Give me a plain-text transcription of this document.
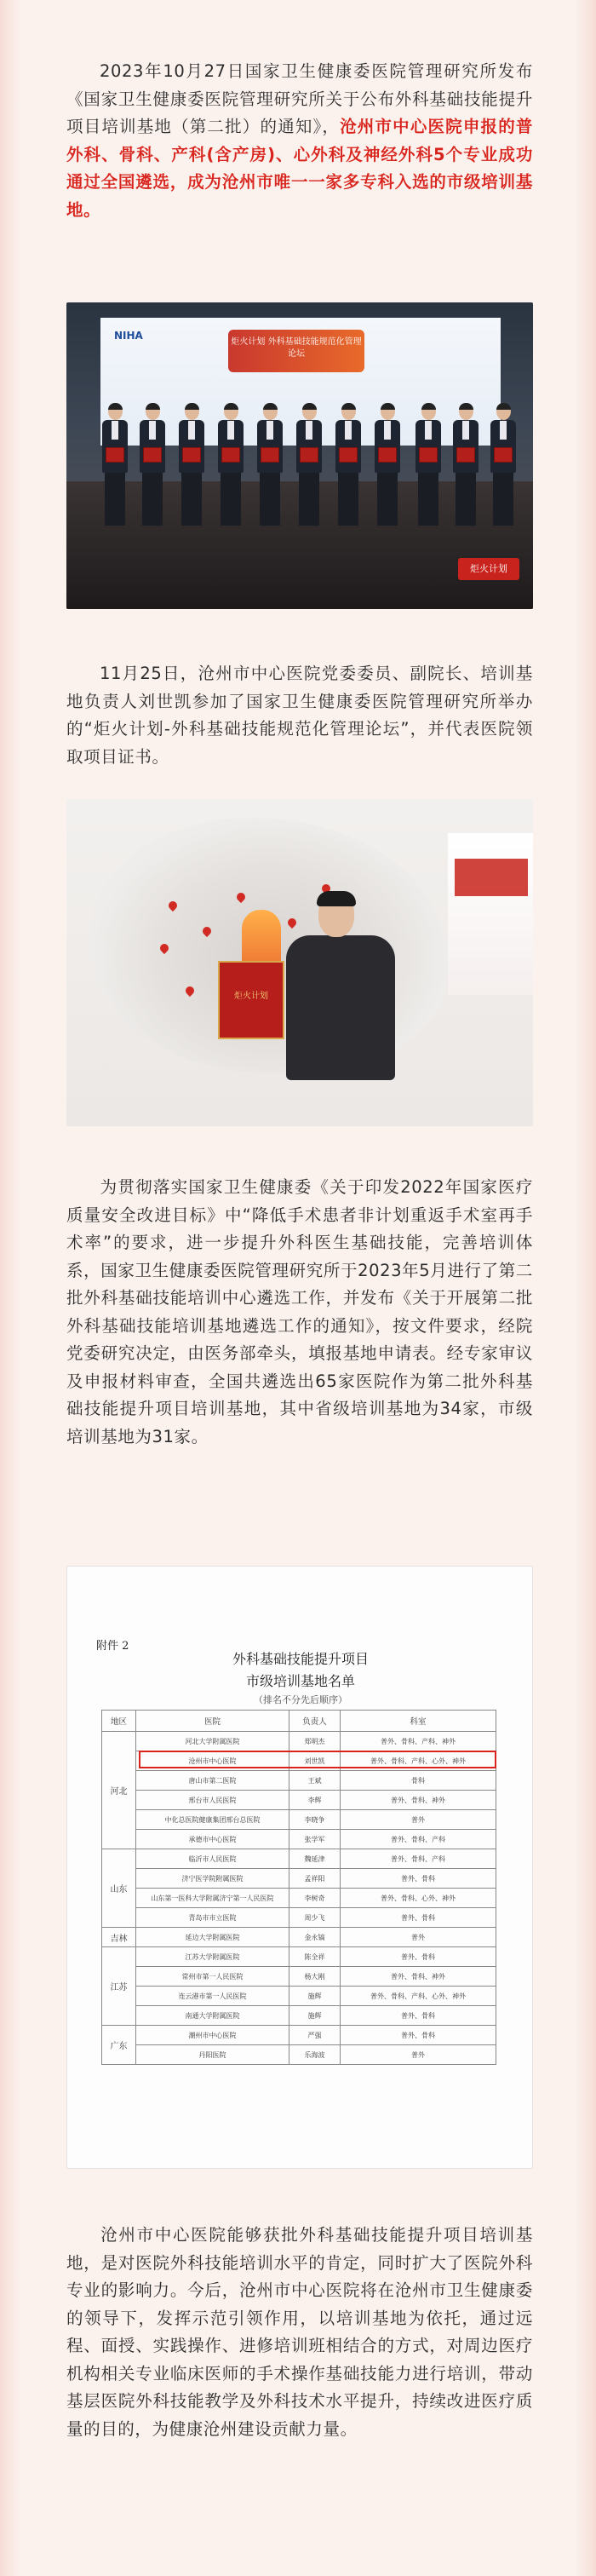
2023年10月27日国家卫生健康委医院管理研究所发布《国家卫生健康委医院管理研究所关于公布外科基础技能提升项目培训基地（第二批）的通知》，沧州市中心医院申报的普外科、骨科、产科(含产房)、心外科及神经外科5个专业成功通过全国遴选，成为沧州市唯一一家多专科入选的市级培训基地。
NIHA
炬火计划 外科基础技能规范化管理论坛
炬火计划
11月25日，沧州市中心医院党委委员、副院长、培训基地负责人刘世凯参加了国家卫生健康委医院管理研究所举办的“炬火计划-外科基础技能规范化管理论坛”，并代表医院领取项目证书。
炬火计划
为贯彻落实国家卫生健康委《关于印发2022年国家医疗质量安全改进目标》中“降低手术患者非计划重返手术室再手术率”的要求，进一步提升外科医生基础技能，完善培训体系，国家卫生健康委医院管理研究所于2023年5月进行了第二批外科基础技能培训中心遴选工作，并发布《关于开展第二批外科基础技能培训基地遴选工作的通知》，按文件要求，经院党委研究决定，由医务部牵头，填报基地申请表。经专家审议及申报材料审查，全国共遴选出65家医院作为第二批外科基础技能提升项目培训基地，其中省级培训基地为34家，市级培训基地为31家。
附件 2
外科基础技能提升项目
市级培训基地名单
（排名不分先后顺序）
地区	医院	负责人	科室
河北	河北大学附属医院	郑明杰	普外、骨科、产科、神外
	沧州市中心医院	刘世凯	普外、骨科、产科、心外、神外
	唐山市第二医院	王斌	骨科
	邢台市人民医院	李辉	普外、骨科、神外
	中化总医院健康集团邢台总医院	李晓争	普外
	承德市中心医院	张学军	普外、骨科、产科
山东	临沂市人民医院	魏延津	普外、骨科、产科
	济宁医学院附属医院	孟祥阳	普外、骨科
	山东第一医科大学附属济宁第一人民医院	李树奇	普外、骨科、心外、神外
	青岛市市立医院	周少飞	普外、骨科
吉林	延边大学附属医院	金永镐	普外
江苏	江苏大学附属医院	陈全祥	普外、骨科
	常州市第一人民医院	杨大刚	普外、骨科、神外
	连云港市第一人民医院	施辉	普外、骨科、产科、心外、神外
	南通大学附属医院	施辉	普外、骨科
广东	潮州市中心医院	严强	普外、骨科
	丹阳医院	乐海波	普外
沧州市中心医院能够获批外科基础技能提升项目培训基地，是对医院外科技能培训水平的肯定，同时扩大了医院外科专业的影响力。今后，沧州市中心医院将在沧州市卫生健康委的领导下，发挥示范引领作用，以培训基地为依托，通过远程、面授、实践操作、进修培训班相结合的方式，对周边医疗机构相关专业临床医师的手术操作基础技能力进行培训，带动基层医院外科技能教学及外科技术水平提升，持续改进医疗质量的目的，为健康沧州建设贡献力量。
